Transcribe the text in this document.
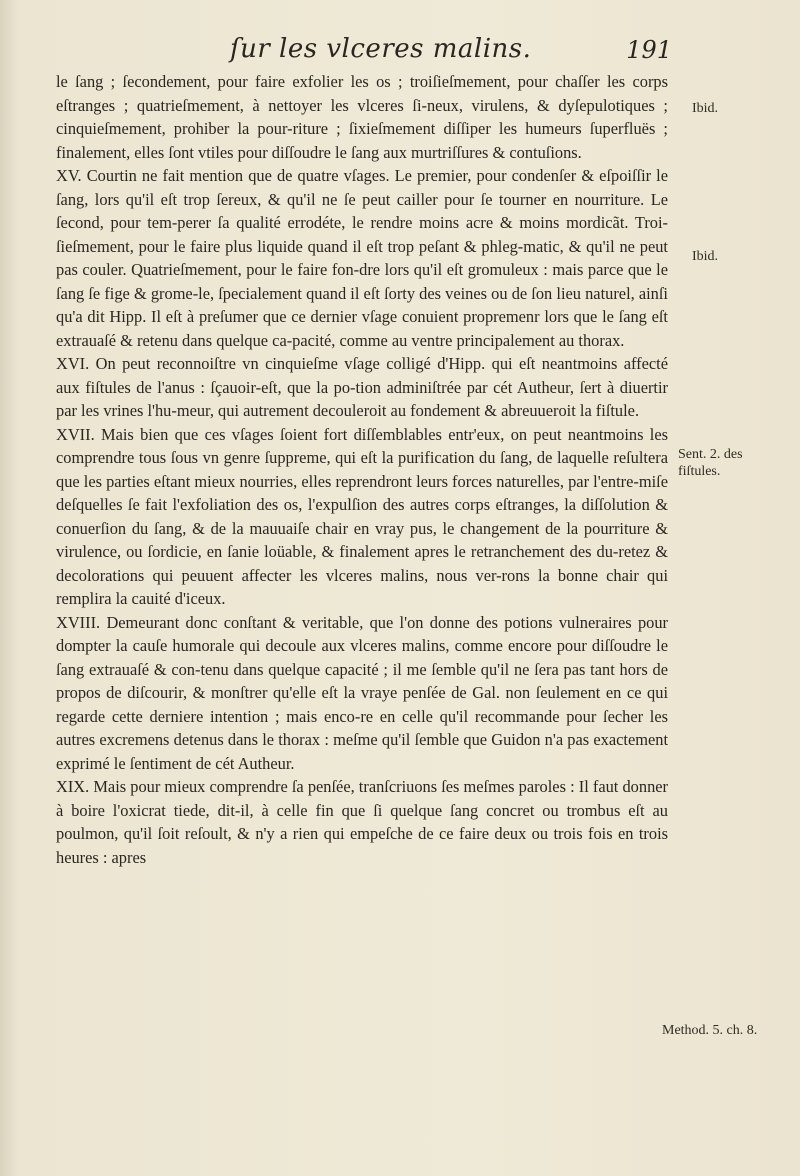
ſur les vlceres malins.	191

le ſang ; ſecondement, pour faire exfolier les os ; troiſieſmement, pour chaſſer les corps eſtranges ; quatrieſmement, à nettoyer les vlceres ſi-neux, virulens, & dyſepulotiques ; cinquieſmement, prohiber la pour-riture ; ſixieſmement diſſiper les humeurs ſuperfluës ; finalement, elles ſont vtiles pour diſſoudre le ſang aux murtriſſures & contuſions.

XV. Courtin ne fait mention que de quatre vſages. Le premier, pour condenſer & eſpoiſſir le ſang, lors qu'il eſt trop ſereux, & qu'il ne ſe peut cailler pour ſe tourner en nourriture. Le ſecond, pour tem-perer ſa qualité errodéte, le rendre moins acre & moins mordicãt. Troi-ſieſmement, pour le faire plus liquide quand il eſt trop peſant & phleg-matic, & qu'il ne peut pas couler. Quatrieſmement, pour le faire fon-dre lors qu'il eſt gromuleux : mais parce que le ſang ſe fige & grome-le, ſpecialement quand il eſt ſorty des veines ou de ſon lieu naturel, ainſi qu'a dit Hipp. Il eſt à preſumer que ce dernier vſage conuient propremenr lors que le ſang eſt extrauaſé & retenu dans quelque ca-pacité, comme au ventre principalement au thorax.

XVI. On peut reconnoiſtre vn cinquieſme vſage colligé d'Hipp. qui eſt neantmoins affecté aux fiſtules de l'anus : ſçauoir-eſt, que la po-tion adminiſtrée par cét Autheur, ſert à diuertir par les vrines l'hu-meur, qui autrement decouleroit au fondement & abreuueroit la fiſtule.

XVII. Mais bien que ces vſages ſoient fort diſſemblables entr'eux, on peut neantmoins les comprendre tous ſous vn genre ſuppreme, qui eſt la purification du ſang, de laquelle reſultera que les parties eſtant mieux nourries, elles reprendront leurs forces naturelles, par l'entre-miſe deſquelles ſe fait l'exfoliation des os, l'expulſion des autres corps eſtranges, la diſſolution & conuerſion du ſang, & de la mauuaiſe chair en vray pus, le changement de la pourriture & virulence, ou ſordicie, en ſanie loüable, & finalement apres le retranchement des du-retez & decolorations qui peuuent affecter les vlceres malins, nous ver-rons la bonne chair qui remplira la cauité d'iceux.

XVIII. Demeurant donc conſtant & veritable, que l'on donne des potions vulneraires pour dompter la cauſe humorale qui decoule aux vlceres malins, comme encore pour diſſoudre le ſang extrauaſé & con-tenu dans quelque capacité ; il me ſemble qu'il ne ſera pas tant hors de propos de diſcourir, & monſtrer qu'elle eſt la vraye penſée de Gal. non ſeulement en ce qui regarde cette derniere intention ; mais enco-re en celle qu'il recommande pour ſecher les autres excremens detenus dans le thorax : meſme qu'il ſemble que Guidon n'a pas exactement exprimé le ſentiment de cét Autheur.

XIX. Mais pour mieux comprendre ſa penſée, tranſcriuons ſes meſmes paroles : Il faut donner à boire l'oxicrat tiede, dit-il, à celle fin que ſi quelque ſang concret ou trombus eſt au poulmon, qu'il ſoit reſoult, & n'y a rien qui empeſche de ce faire deux ou trois fois en trois heures : apres

Ibid.
Ibid.
Sent. 2. des fiſtules.
Method. 5. ch. 8.
